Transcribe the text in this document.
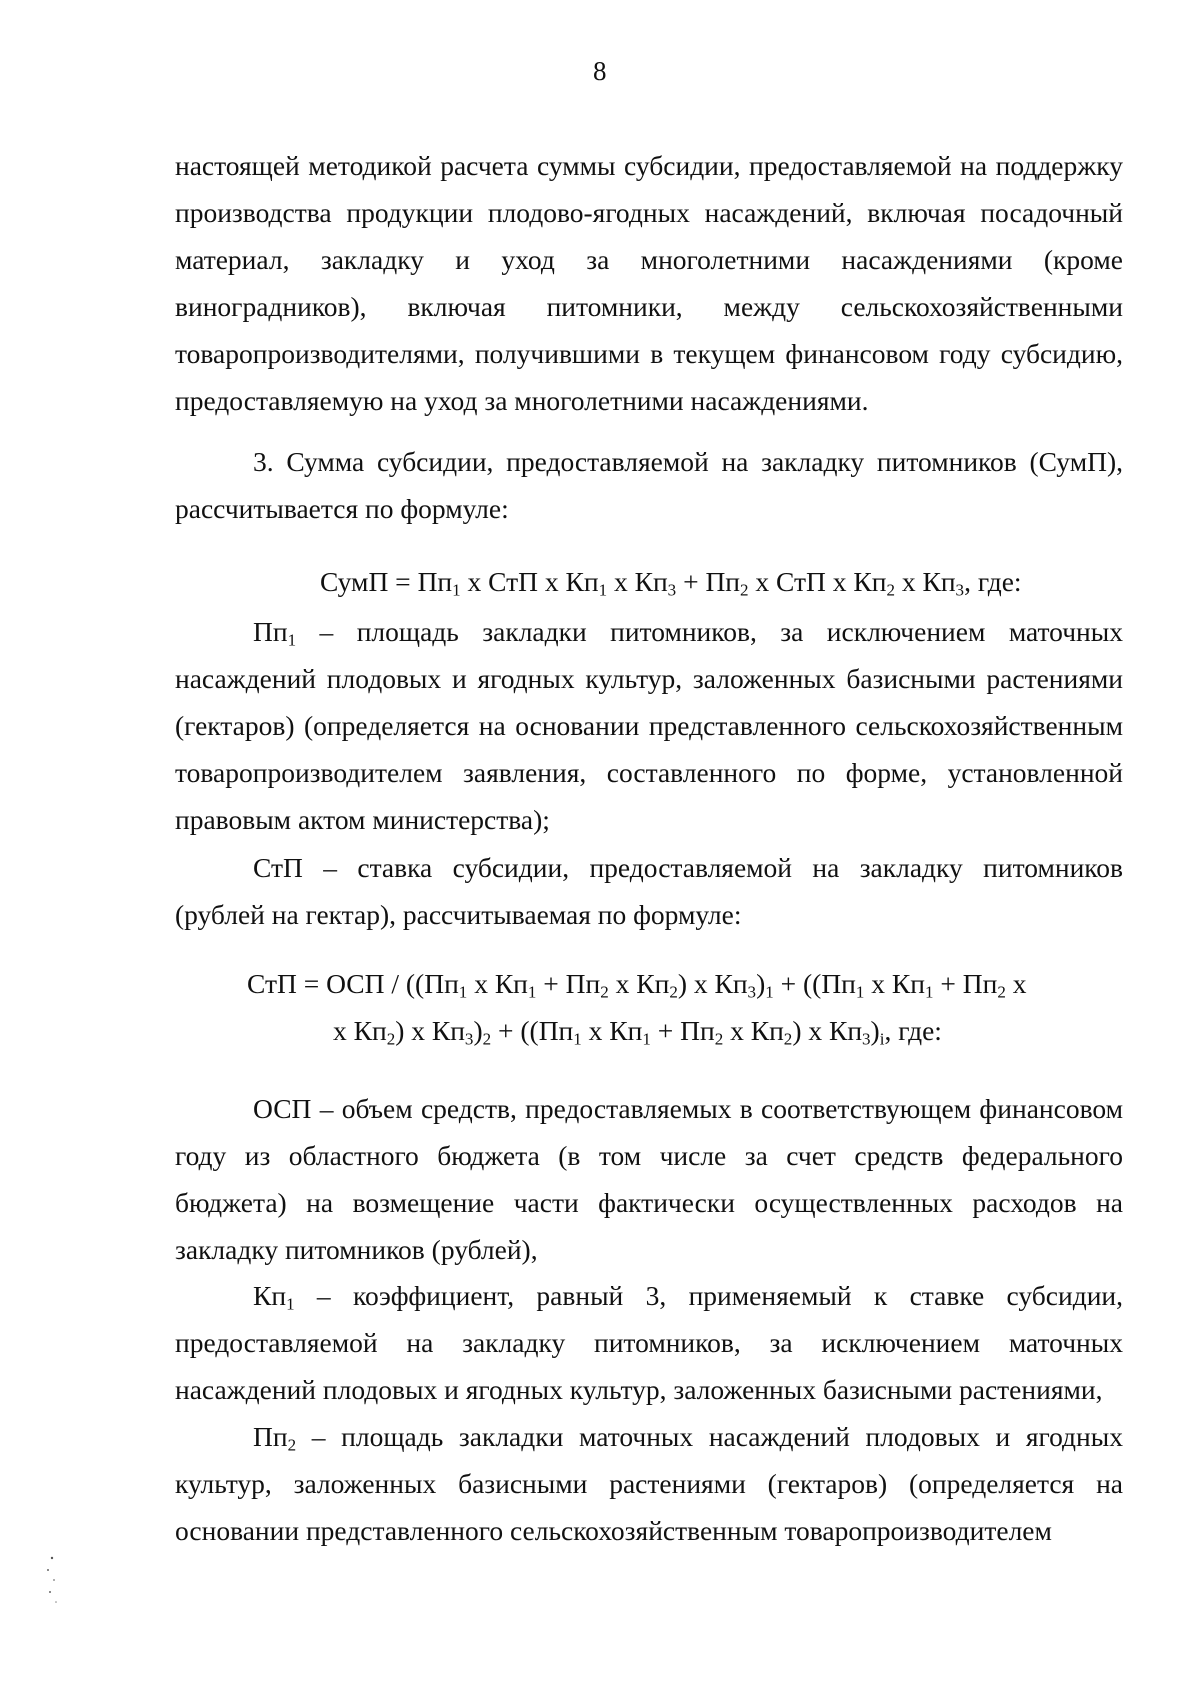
8

настоящей методикой расчета суммы субсидии, предоставляемой на поддержку производства продукции плодово-ягодных насаждений, включая посадочный материал, закладку и уход за многолетними насаждениями (кроме виноградников), включая питомники, между сельскохозяйственными товаропроизводителями, получившими в текущем финансовом году субсидию, предоставляемую на уход за многолетними насаждениями.

3. Сумма субсидии, предоставляемой на закладку питомников (СумП), рассчитывается по формуле:

СумП = $Пп_1$ х СтП х $Кп_1$ х $Кп_3 + Пп_2$ х СтП х $Кп_2$ х $Кп_3$, где:

$Пп_1$ – площадь закладки питомников, за исключением маточных насаждений плодовых и ягодных культур, заложенных базисными растениями (гектаров) (определяется на основании представленного сельскохозяйственным товаропроизводителем заявления, составленного по форме, установленной правовым актом министерства);

СтП – ставка субсидии, предоставляемой на закладку питомников (рублей на гектар), рассчитываемая по формуле:

СтП = ОСП / (($Пп_1$ х $Кп_1 + Пп_2$ х $Кп_2$) х $Кп_3)_1 + ((Пп_1$ х $Кп_1 + Пп_2$ х
х $Кп_2$) х $Кп_3)_2 + ((Пп_1$ х $Кп_1 + Пп_2$ х $Кп_2$) х $Кп_3)_i$, где:

ОСП – объем средств, предоставляемых в соответствующем финансовом году из областного бюджета (в том числе за счет средств федерального бюджета) на возмещение части фактически осуществленных расходов на закладку питомников (рублей),

$Кп_1$ – коэффициент, равный 3, применяемый к ставке субсидии, предоставляемой на закладку питомников, за исключением маточных насаждений плодовых и ягодных культур, заложенных базисными растениями,

$Пп_2$ – площадь закладки маточных насаждений плодовых и ягодных культур, заложенных базисными растениями (гектаров) (определяется на основании представленного сельскохозяйственным товаропроизводителем
